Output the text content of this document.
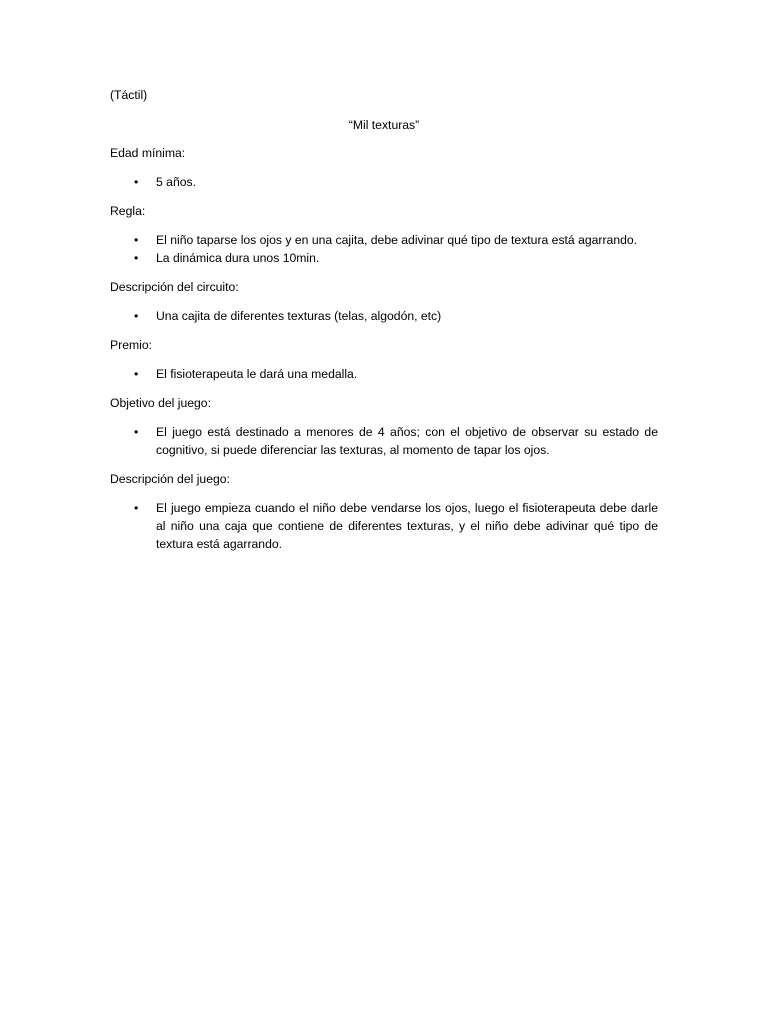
(Táctil)

“Mil texturas”

Edad mínima:

•	5 años.

Regla:

•	El niño taparse los ojos y en una cajita, debe adivinar qué tipo de textura está agarrando.
•	La dinámica dura unos 10min.

Descripción del circuito:

•	Una cajita de diferentes texturas (telas, algodón, etc)

Premio:

•	El fisioterapeuta le dará una medalla.

Objetivo del juego:

•	El juego está destinado a menores de 4 años; con el objetivo de observar su estado de cognitivo, si puede diferenciar las texturas, al momento de tapar los ojos.

Descripción del juego:

•	El juego empieza cuando el niño debe vendarse los ojos, luego el fisioterapeuta debe darle al niño una caja que contiene de diferentes texturas, y el niño debe adivinar qué tipo de textura está agarrando.
